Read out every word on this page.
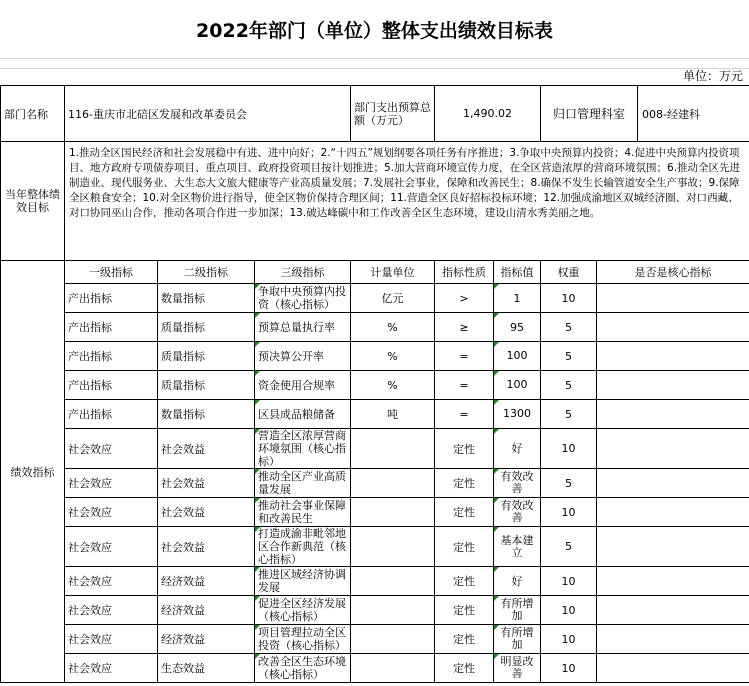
2022年部门（单位）整体支出绩效目标表
单位：万元
部门名称	116-重庆市北碚区发展和改革委员会			部门支出预算总额（万元）	1,490.02		归口管理科室 008-经建科	

当年整体绩效目标	1.推动全区国民经济和社会发展稳中有进、进中向好；2.“十四五”规划纲要各项任务有序推进；3.争取中央预算内投资；4.促进中央预算内投资项目、地方政府专项债券项目、重点项目、政府投资项目按计划推进；5.加大营商环境宣传力度，在全区营造浓厚的营商环境氛围；6.推动全区先进制造业、现代服务业、大生态大文旅大健康等产业高质量发展；7.发展社会事业，保障和改善民生；8.确保不发生长输管道安全生产事故；9.保障全区粮食安全；10.对全区物价进行指导，使全区物价保持合理区间；11.营造全区良好招标投标环境；12.加强成渝地区双城经济圈、对口西藏、对口协同巫山合作，推动各项合作进一步加深；13.破达峰碳中和工作改善全区生态环境，建设山清水秀美丽之地。							
绩效指标	一级指标	二级指标	三级指标	计量单位	指标性质	指标值	权重	是否是核心指标
	产出指标	数量指标	争取中央预算内投资（核心指标）	亿元	>	1	10	
	产出指标	质量指标	预算总量执行率	%	≥	95	5	
	产出指标	质量指标	预决算公开率	%	=	100	5	
	产出指标	质量指标	资金使用合规率	%	=	100	5	
	产出指标	数量指标	区县成品粮储备	吨	=	1300	5	
	社会效应	社会效益	营造全区浓厚营商环境氛围（核心指标）		定性	好	10	
	社会效应	社会效益	推动全区产业高质量发展		定性	有效改善	5	
	社会效应	社会效益	推动社会事业保障和改善民生		定性	有效改善	10	
	社会效应	社会效益	打造成渝非毗邻地区合作新典范（核心指标）		定性	基本建立	5	
	社会效应	经济效益	推进区域经济协调发展		定性	好	10	
	社会效应	经济效益	促进全区经济发展（核心指标）		定性	有所增加	10	
	社会效应	经济效益	项目管理拉动全区投资（核心指标）		定性	有所增加	10	
	社会效应	生态效益	改善全区生态环境（核心指标）		定性	明显改善	10	
